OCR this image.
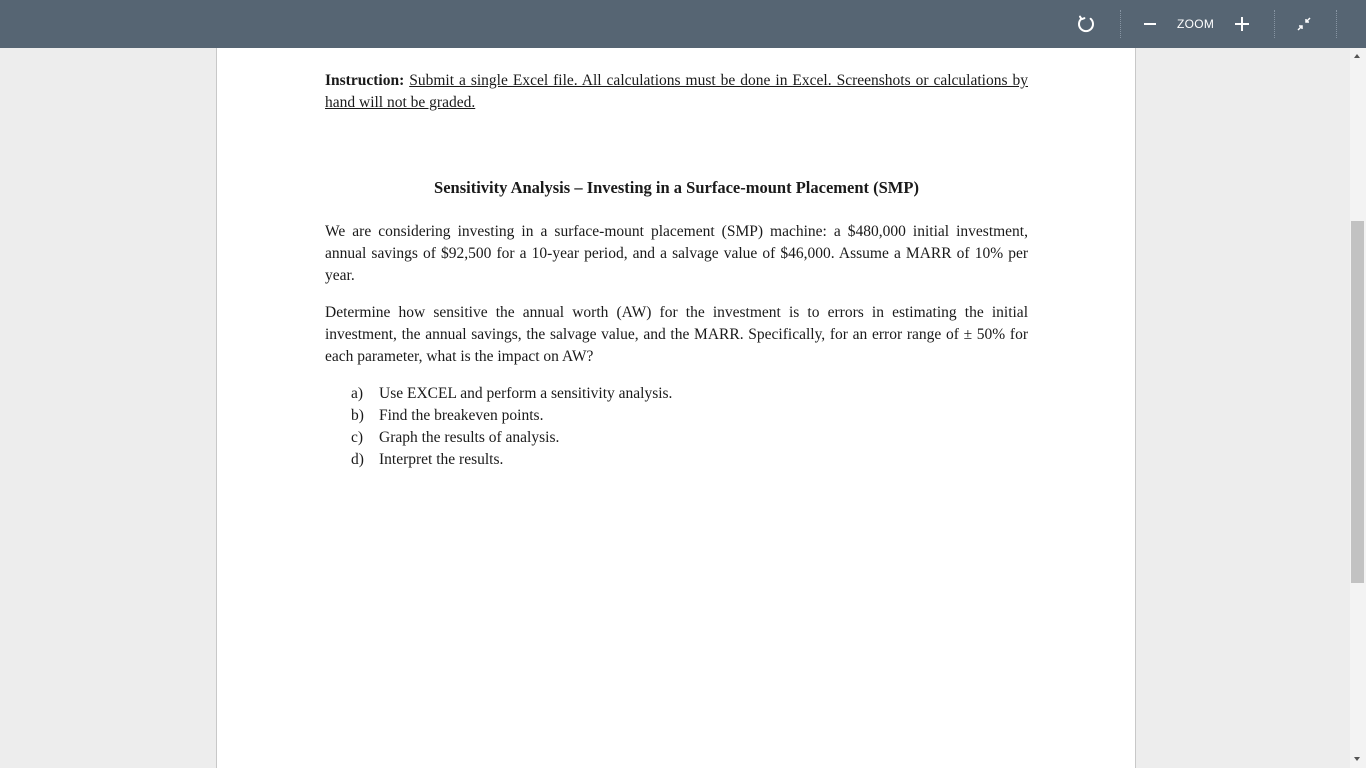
ZOOM

Instruction: Submit a single Excel file. All calculations must be done in Excel. Screenshots or calculations by hand will not be graded.

Sensitivity Analysis – Investing in a Surface-mount Placement (SMP)

We are considering investing in a surface-mount placement (SMP) machine: a $480,000 initial investment, annual savings of $92,500 for a 10-year period, and a salvage value of $46,000. Assume a MARR of 10% per year.

Determine how sensitive the annual worth (AW) for the investment is to errors in estimating the initial investment, the annual savings, the salvage value, and the MARR. Specifically, for an error range of ± 50% for each parameter, what is the impact on AW?

a)	Use EXCEL and perform a sensitivity analysis.
b) Find the breakeven points.
c)	Graph the results of analysis.
d) Interpret the results.
